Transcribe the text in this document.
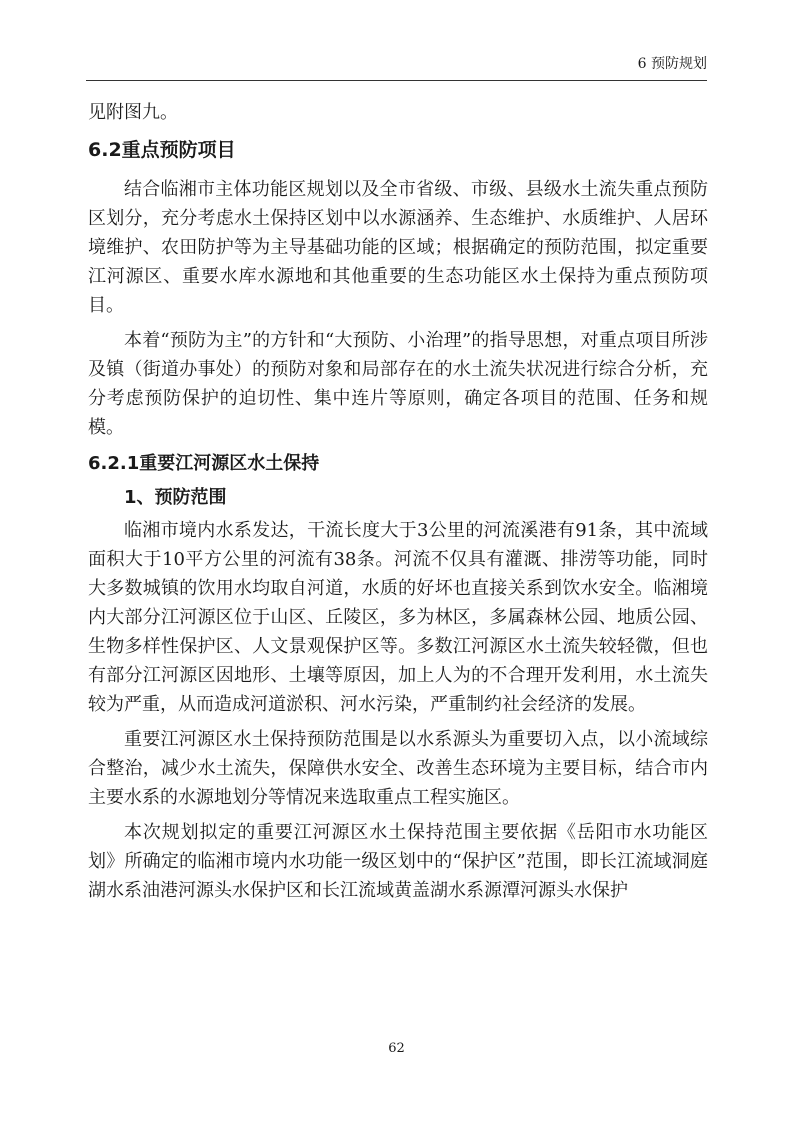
6 预防规划

见附图九。

6.2重点预防项目

结合临湘市主体功能区规划以及全市省级、市级、县级水土流失重点预防区划分，充分考虑水土保持区划中以水源涵养、生态维护、水质维护、人居环境维护、农田防护等为主导基础功能的区域；根据确定的预防范围，拟定重要江河源区、重要水库水源地和其他重要的生态功能区水土保持为重点预防项目。

本着“预防为主”的方针和“大预防、小治理”的指导思想，对重点项目所涉及镇（街道办事处）的预防对象和局部存在的水土流失状况进行综合分析，充分考虑预防保护的迫切性、集中连片等原则，确定各项目的范围、任务和规模。

6.2.1重要江河源区水土保持
1、预防范围

临湘市境内水系发达，干流长度大于3公里的河流溪港有91条，其中流域面积大于10平方公里的河流有38条。河流不仅具有灌溉、排涝等功能，同时大多数城镇的饮用水均取自河道，水质的好坏也直接关系到饮水安全。临湘境内大部分江河源区位于山区、丘陵区，多为林区，多属森林公园、地质公园、生物多样性保护区、人文景观保护区等。多数江河源区水土流失较轻微，但也有部分江河源区因地形、土壤等原因，加上人为的不合理开发利用，水土流失较为严重，从而造成河道淤积、河水污染，严重制约社会经济的发展。

重要江河源区水土保持预防范围是以水系源头为重要切入点，以小流域综合整治，减少水土流失，保障供水安全、改善生态环境为主要目标，结合市内主要水系的水源地划分等情况来选取重点工程实施区。

本次规划拟定的重要江河源区水土保持范围主要依据《岳阳市水功能区划》所确定的临湘市境内水功能一级区划中的“保护区”范围，即长江流域洞庭湖水系油港河源头水保护区和长江流域黄盖湖水系源潭河源头水保护

62
